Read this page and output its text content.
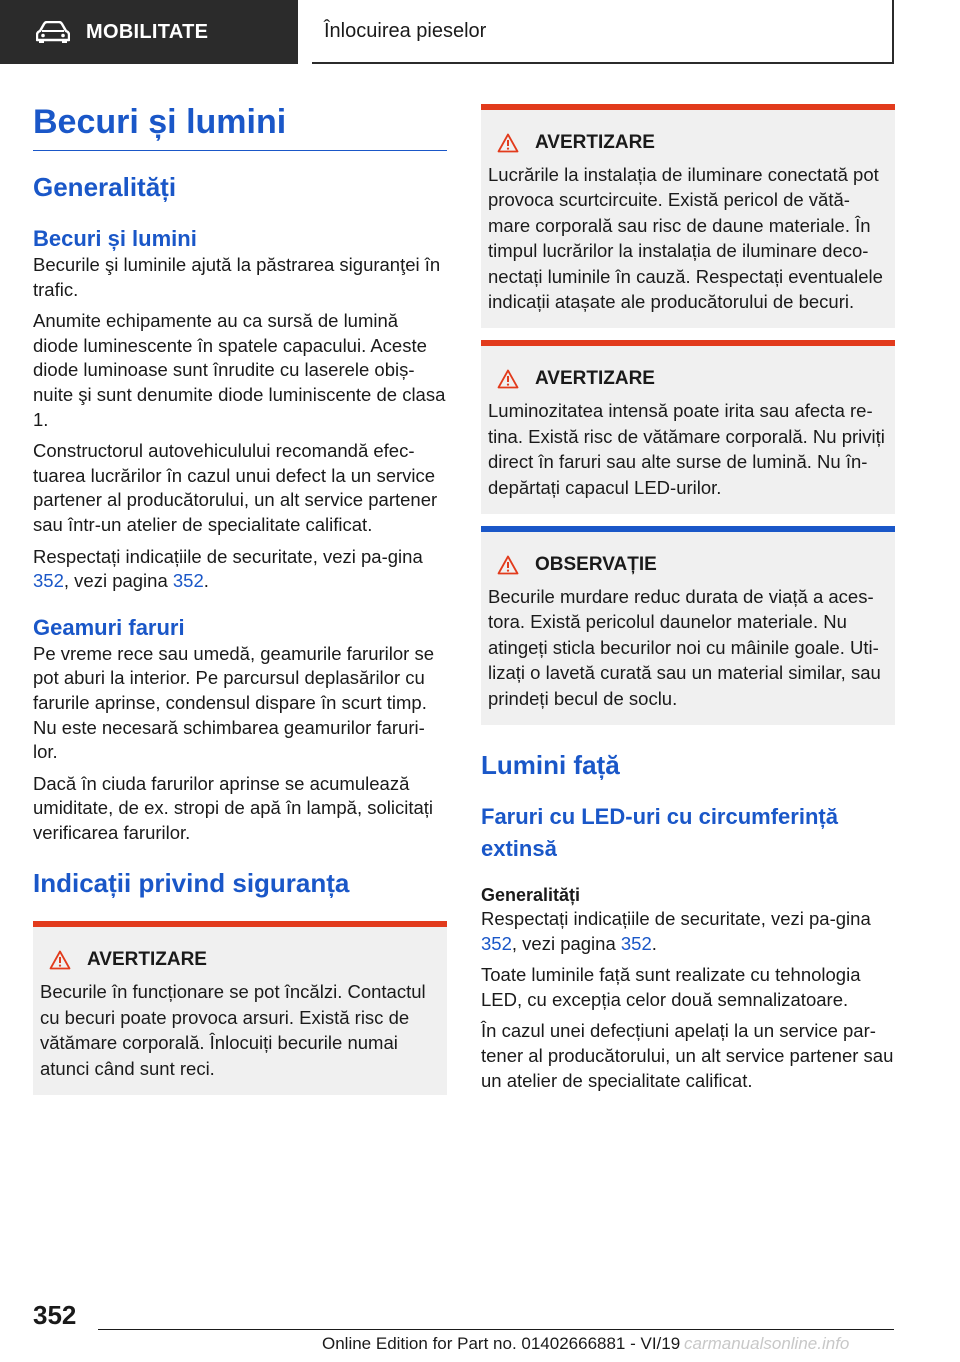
MOBILITATE	Înlocuirea pieselor
Becuri și lumini
Generalități
Becuri și lumini

Becurile şi luminile ajută la păstrarea siguranţei în trafic.

Anumite echipamente au ca sursă de lumină diode luminescente în spatele capacului. Aceste diode luminoase sunt înrudite cu laserele obiș-nuite şi sunt denumite diode luminiscente de clasa 1.

Constructorul autovehiculului recomandă efec-tuarea lucrărilor în cazul unui defect la un service partener al producătorului, un alt service partener sau într-un atelier de specialitate calificat.

Respectați indicațiile de securitate, vezi pa-gina 352, vezi pagina 352.

Geamuri faruri

Pe vreme rece sau umedă, geamurile farurilor se pot aburi la interior. Pe parcursul deplasărilor cu farurile aprinse, condensul dispare în scurt timp. Nu este necesară schimbarea geamurilor faruri-lor.

Dacă în ciuda farurilor aprinse se acumulează umiditate, de ex. stropi de apă în lampă, solicitați verificarea farurilor.

Indicații privind siguranța
AVERTIZARE

Becurile în funcționare se pot încălzi. Contactul cu becuri poate provoca arsuri. Există risc de vătămare corporală. Înlocuiți becurile numai atunci când sunt reci.

AVERTIZARE

Lucrările la instalația de iluminare conectată pot provoca scurtcircuite. Există pericol de vătă-mare corporală sau risc de daune materiale. În timpul lucrărilor la instalația de iluminare deco-nectați luminile în cauză. Respectați eventualele indicații atașate ale producătorului de becuri.

AVERTIZARE

Luminozitatea intensă poate irita sau afecta re-tina. Există risc de vătămare corporală. Nu priviți direct în faruri sau alte surse de lumină. Nu în-depărtați capacul LED-urilor.

OBSERVAȚIE

Becurile murdare reduc durata de viață a aces-tora. Există pericolul daunelor materiale. Nu atingeți sticla becurilor noi cu mâinile goale. Uti-lizați o lavetă curată sau un material similar, sau prindeți becul de soclu.

Lumini față
Faruri cu LED-uri cu circumferință extinsă
Generalități

Respectați indicațiile de securitate, vezi pa-gina 352, vezi pagina 352.

Toate luminile față sunt realizate cu tehnologia LED, cu excepția celor două semnalizatoare.

În cazul unei defecțiuni apelați la un service par-tener al producătorului, un alt service partener sau un atelier de specialitate calificat.

352
Online Edition for Part no. 01402666881 - VI/19 carmanualsonline.info
